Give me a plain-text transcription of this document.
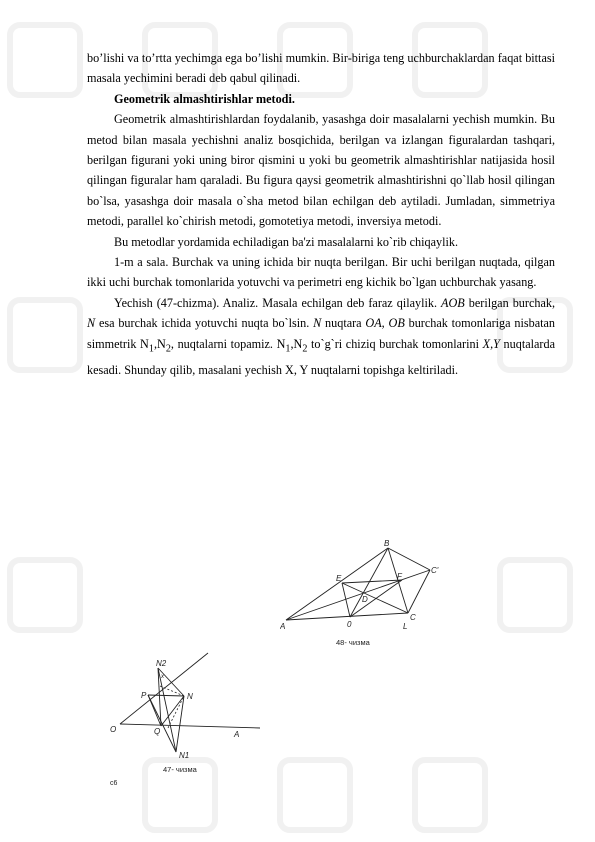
bo’lishi va to’rtta yechimga ega bo’lishi mumkin. Bir-biriga teng uchburchaklardan faqat bittasi masala yechimini beradi deb qabul qilinadi.

Geometrik almashtirishlar metodi.

Geometrik almashtirishlardan foydalanib, yasashga doir masalalarni yechish mumkin. Bu metod bilan masala yechishni analiz bosqichida, berilgan va izlangan figuralardan tashqari, berilgan figurani yoki uning biror qismini u yoki bu geometrik almashtirishlar natijasida hosil qilingan figuralar ham qaraladi. Bu figura qaysi geometrik almashtirishni qo`llab hosil qilingan bo`lsa, yasashga doir masala o`sha metod bilan echilgan deb aytiladi. Jumladan, simmetriya metodi, parallel ko`chirish metodi, gomotetiya metodi, inversiya metodi.

Bu metodlar yordamida echiladigan ba'zi masalalarni ko`rib chiqaylik.

1-m a sala. Burchak va uning ichida bir nuqta berilgan. Bir uchi berilgan nuqtada, qilgan ikki uchi burchak tomonlarida yotuvchi va perimetri eng kichik bo`lgan uchburchak yasang.

Yechish (47-chizma). Analiz. Masala echilgan deb faraz qilaylik. AOB berilgan burchak, N esa burchak ichida yotuvchi nuqta bo`lsin. N nuqtara OA, OB burchak tomonlariga nisbatan simmetrik $N_1,N_2$, nuqtalarni topamiz. $N_1,N_2$ to`g`ri chiziq burchak tomonlarini X,Y nuqtalarda kesadi. Shunday qilib, masalani yechish X, Y nuqtalarni topishga keltiriladi.

A
B
C
C'
E	F
D
0	L
48- чизма
N2
P	N
O	Q	A
N1
x
47- чизма
c6
